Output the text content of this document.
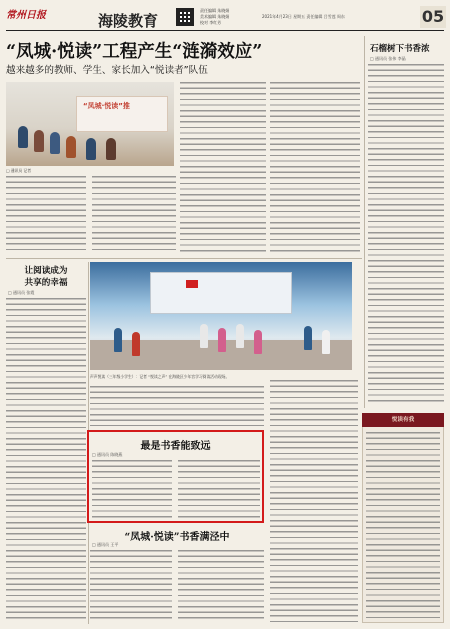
常州日报	海陵教育
责任编辑 朱晓娟
美术编辑 朱晓娟
校对 李红芳
2021年4月23日 星期五 责任编辑 吕雪莲 周东	05
“凤城·悦读”工程产生“涟漪效应”
越来越多的教师、学生、家长加入“悦读者”队伍
石榴树下书香浓
□ 通讯员 张伟 李晶
“凤城·悦读”推
□ 通讯员 记者
让阅读成为
共享的幸福
□ 通讯员 张霞
声声悦读（三年级小学生）：记者 “悦读之声” 在海陵区少年宫学习阅读活动现场。
最是书香能致远
□ 通讯员 陈晓燕
“凤城·悦读”书香满泾中
□ 通讯员 王平
悦读有我
